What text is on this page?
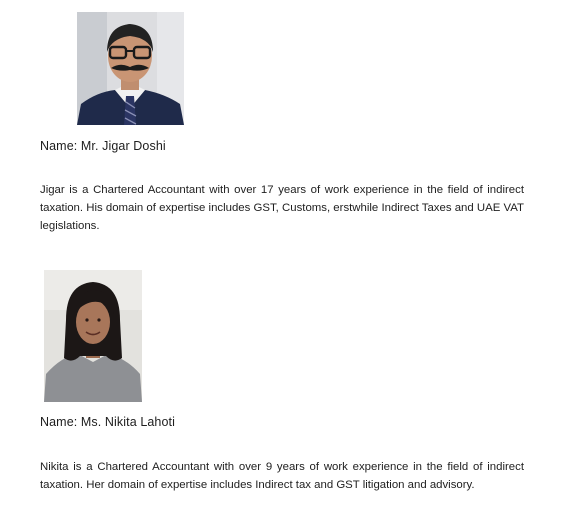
Name: Mr. Jigar Doshi

Jigar is a Chartered Accountant with over 17 years of work experience in the field of indirect taxation. His domain of expertise includes GST, Customs, erstwhile Indirect Taxes and UAE VAT legislations.

Name: Ms. Nikita Lahoti

Nikita is a Chartered Accountant with over 9 years of work experience in the field of indirect taxation. Her domain of expertise includes Indirect tax and GST litigation and advisory.
